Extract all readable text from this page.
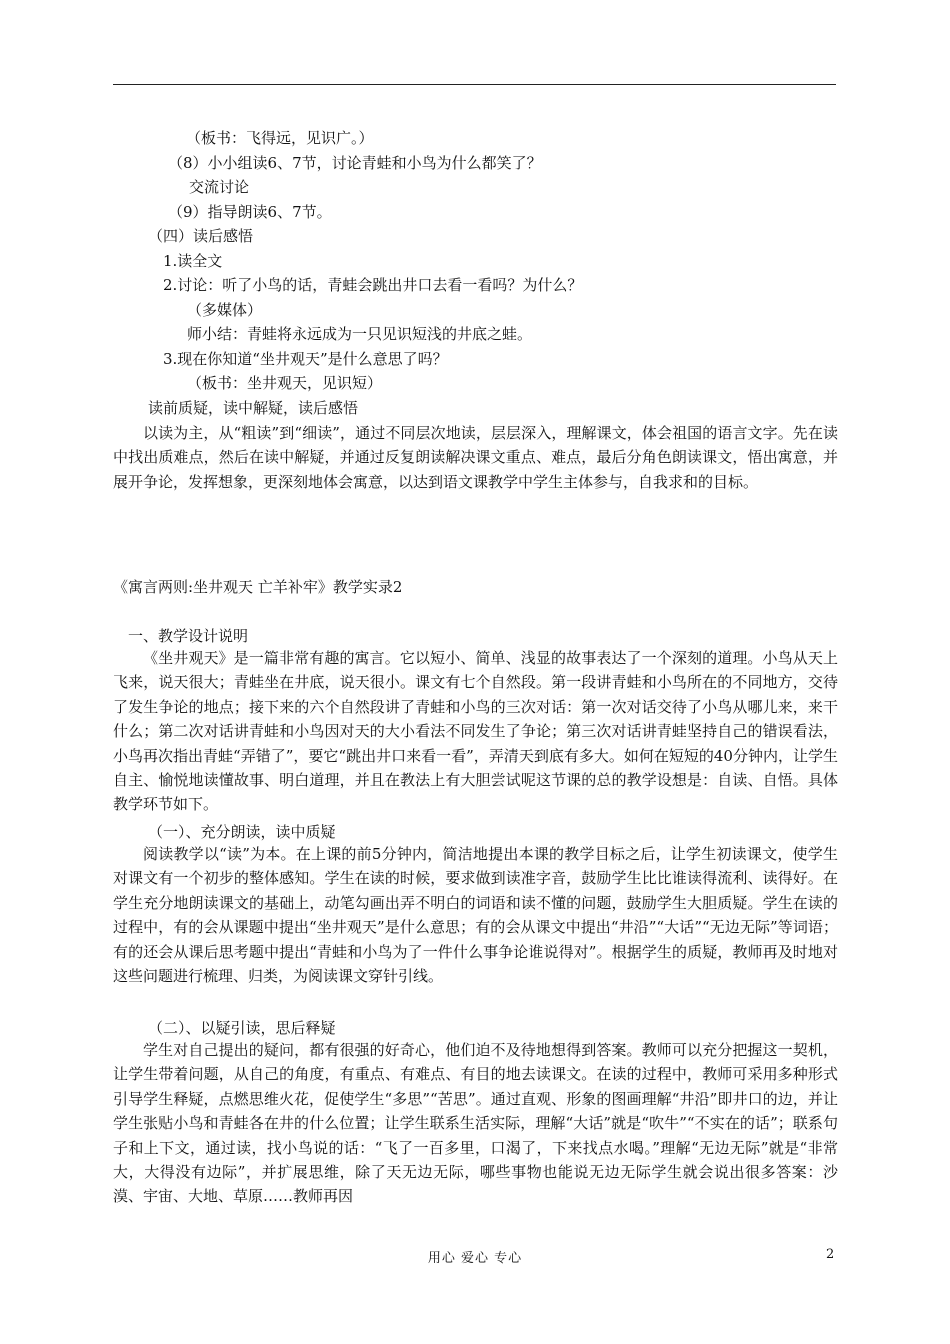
（板书：飞得远，见识广。）
（8）小小组读6、7节，讨论青蛙和小鸟为什么都笑了？
交流讨论
（9）指导朗读6、7节。
（四）读后感悟
1.读全文
2.讨论：听了小鸟的话，青蛙会跳出井口去看一看吗？为什么？
（多媒体）
师小结：青蛙将永远成为一只见识短浅的井底之蛙。
3.现在你知道“坐井观天”是什么意思了吗？
（板书：坐井观天，见识短）
读前质疑，读中解疑，读后感悟

以读为主，从“粗读”到“细读”，通过不同层次地读，层层深入，理解课文，体会祖国的语言文字。先在读中找出质难点，然后在读中解疑，并通过反复朗读解决课文重点、难点，最后分角色朗读课文，悟出寓意，并展开争论，发挥想象，更深刻地体会寓意，以达到语文课教学中学生主体参与，自我求和的目标。

《寓言两则:坐井观天 亡羊补牢》教学实录2
一、教学设计说明

《坐井观天》是一篇非常有趣的寓言。它以短小、简单、浅显的故事表达了一个深刻的道理。小鸟从天上飞来，说天很大；青蛙坐在井底，说天很小。课文有七个自然段。第一段讲青蛙和小鸟所在的不同地方，交待了发生争论的地点；接下来的六个自然段讲了青蛙和小鸟的三次对话：第一次对话交待了小鸟从哪儿来，来干什么；第二次对话讲青蛙和小鸟因对天的大小看法不同发生了争论；第三次对话讲青蛙坚持自己的错误看法，小鸟再次指出青蛙“弄错了”，要它“跳出井口来看一看”，弄清天到底有多大。如何在短短的40分钟内，让学生自主、愉悦地读懂故事、明白道理，并且在教法上有大胆尝试呢这节课的总的教学设想是：自读、自悟。具体教学环节如下。

（一）、充分朗读，读中质疑

阅读教学以“读”为本。在上课的前5分钟内，简洁地提出本课的教学目标之后，让学生初读课文，使学生对课文有一个初步的整体感知。学生在读的时候，要求做到读准字音，鼓励学生比比谁读得流利、读得好。在学生充分地朗读课文的基础上，动笔勾画出弄不明白的词语和读不懂的问题，鼓励学生大胆质疑。学生在读的过程中，有的会从课题中提出“坐井观天”是什么意思；有的会从课文中提出“井沿”“大话”“无边无际”等词语；有的还会从课后思考题中提出“青蛙和小鸟为了一件什么事争论谁说得对”。根据学生的质疑，教师再及时地对这些问题进行梳理、归类，为阅读课文穿针引线。

（二）、以疑引读，思后释疑

学生对自己提出的疑问，都有很强的好奇心，他们迫不及待地想得到答案。教师可以充分把握这一契机，让学生带着问题，从自己的角度，有重点、有难点、有目的地去读课文。在读的过程中，教师可采用多种形式引导学生释疑，点燃思维火花，促使学生“多思”“苦思”。通过直观、形象的图画理解“井沿”即井口的边，并让学生张贴小鸟和青蛙各在井的什么位置；让学生联系生活实际，理解“大话”就是“吹牛”“不实在的话”；联系句子和上下文，通过读，找小鸟说的话：“飞了一百多里，口渴了，下来找点水喝。”理解“无边无际”就是“非常大，大得没有边际”，并扩展思维，除了天无边无际，哪些事物也能说无边无际学生就会说出很多答案：沙漠、宇宙、大地、草原……教师再因

用心 爱心 专心	2
